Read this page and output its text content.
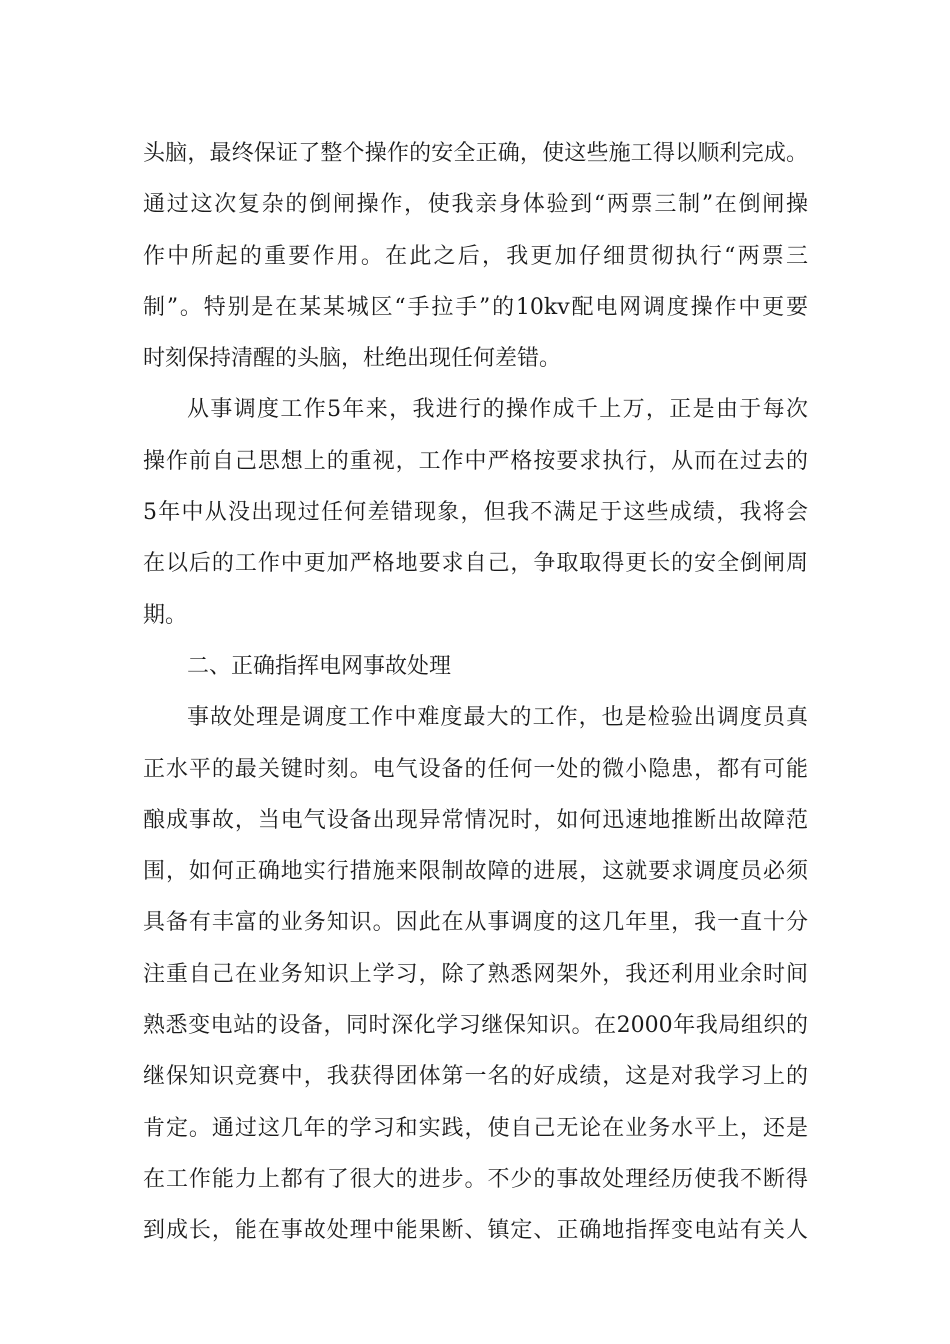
头脑，最终保证了整个操作的安全正确，使这些施工得以顺利完成。
通过这次复杂的倒闸操作，使我亲身体验到“两票三制”在倒闸操
作中所起的重要作用。在此之后，我更加仔细贯彻执行“两票三
制”。特别是在某某城区“手拉手”的10kv配电网调度操作中更要
时刻保持清醒的头脑，杜绝出现任何差错。
从事调度工作5年来，我进行的操作成千上万，正是由于每次
操作前自己思想上的重视，工作中严格按要求执行，从而在过去的
5年中从没出现过任何差错现象，但我不满足于这些成绩，我将会
在以后的工作中更加严格地要求自己，争取取得更长的安全倒闸周
期。
二、正确指挥电网事故处理
事故处理是调度工作中难度最大的工作，也是检验出调度员真
正水平的最关键时刻。电气设备的任何一处的微小隐患，都有可能
酿成事故，当电气设备出现异常情况时，如何迅速地推断出故障范
围，如何正确地实行措施来限制故障的进展，这就要求调度员必须
具备有丰富的业务知识。因此在从事调度的这几年里，我一直十分
注重自己在业务知识上学习，除了熟悉网架外，我还利用业余时间
熟悉变电站的设备，同时深化学习继保知识。在2000年我局组织的
继保知识竞赛中，我获得团体第一名的好成绩，这是对我学习上的
肯定。通过这几年的学习和实践，使自己无论在业务水平上，还是
在工作能力上都有了很大的进步。不少的事故处理经历使我不断得
到成长，能在事故处理中能果断、镇定、正确地指挥变电站有关人
